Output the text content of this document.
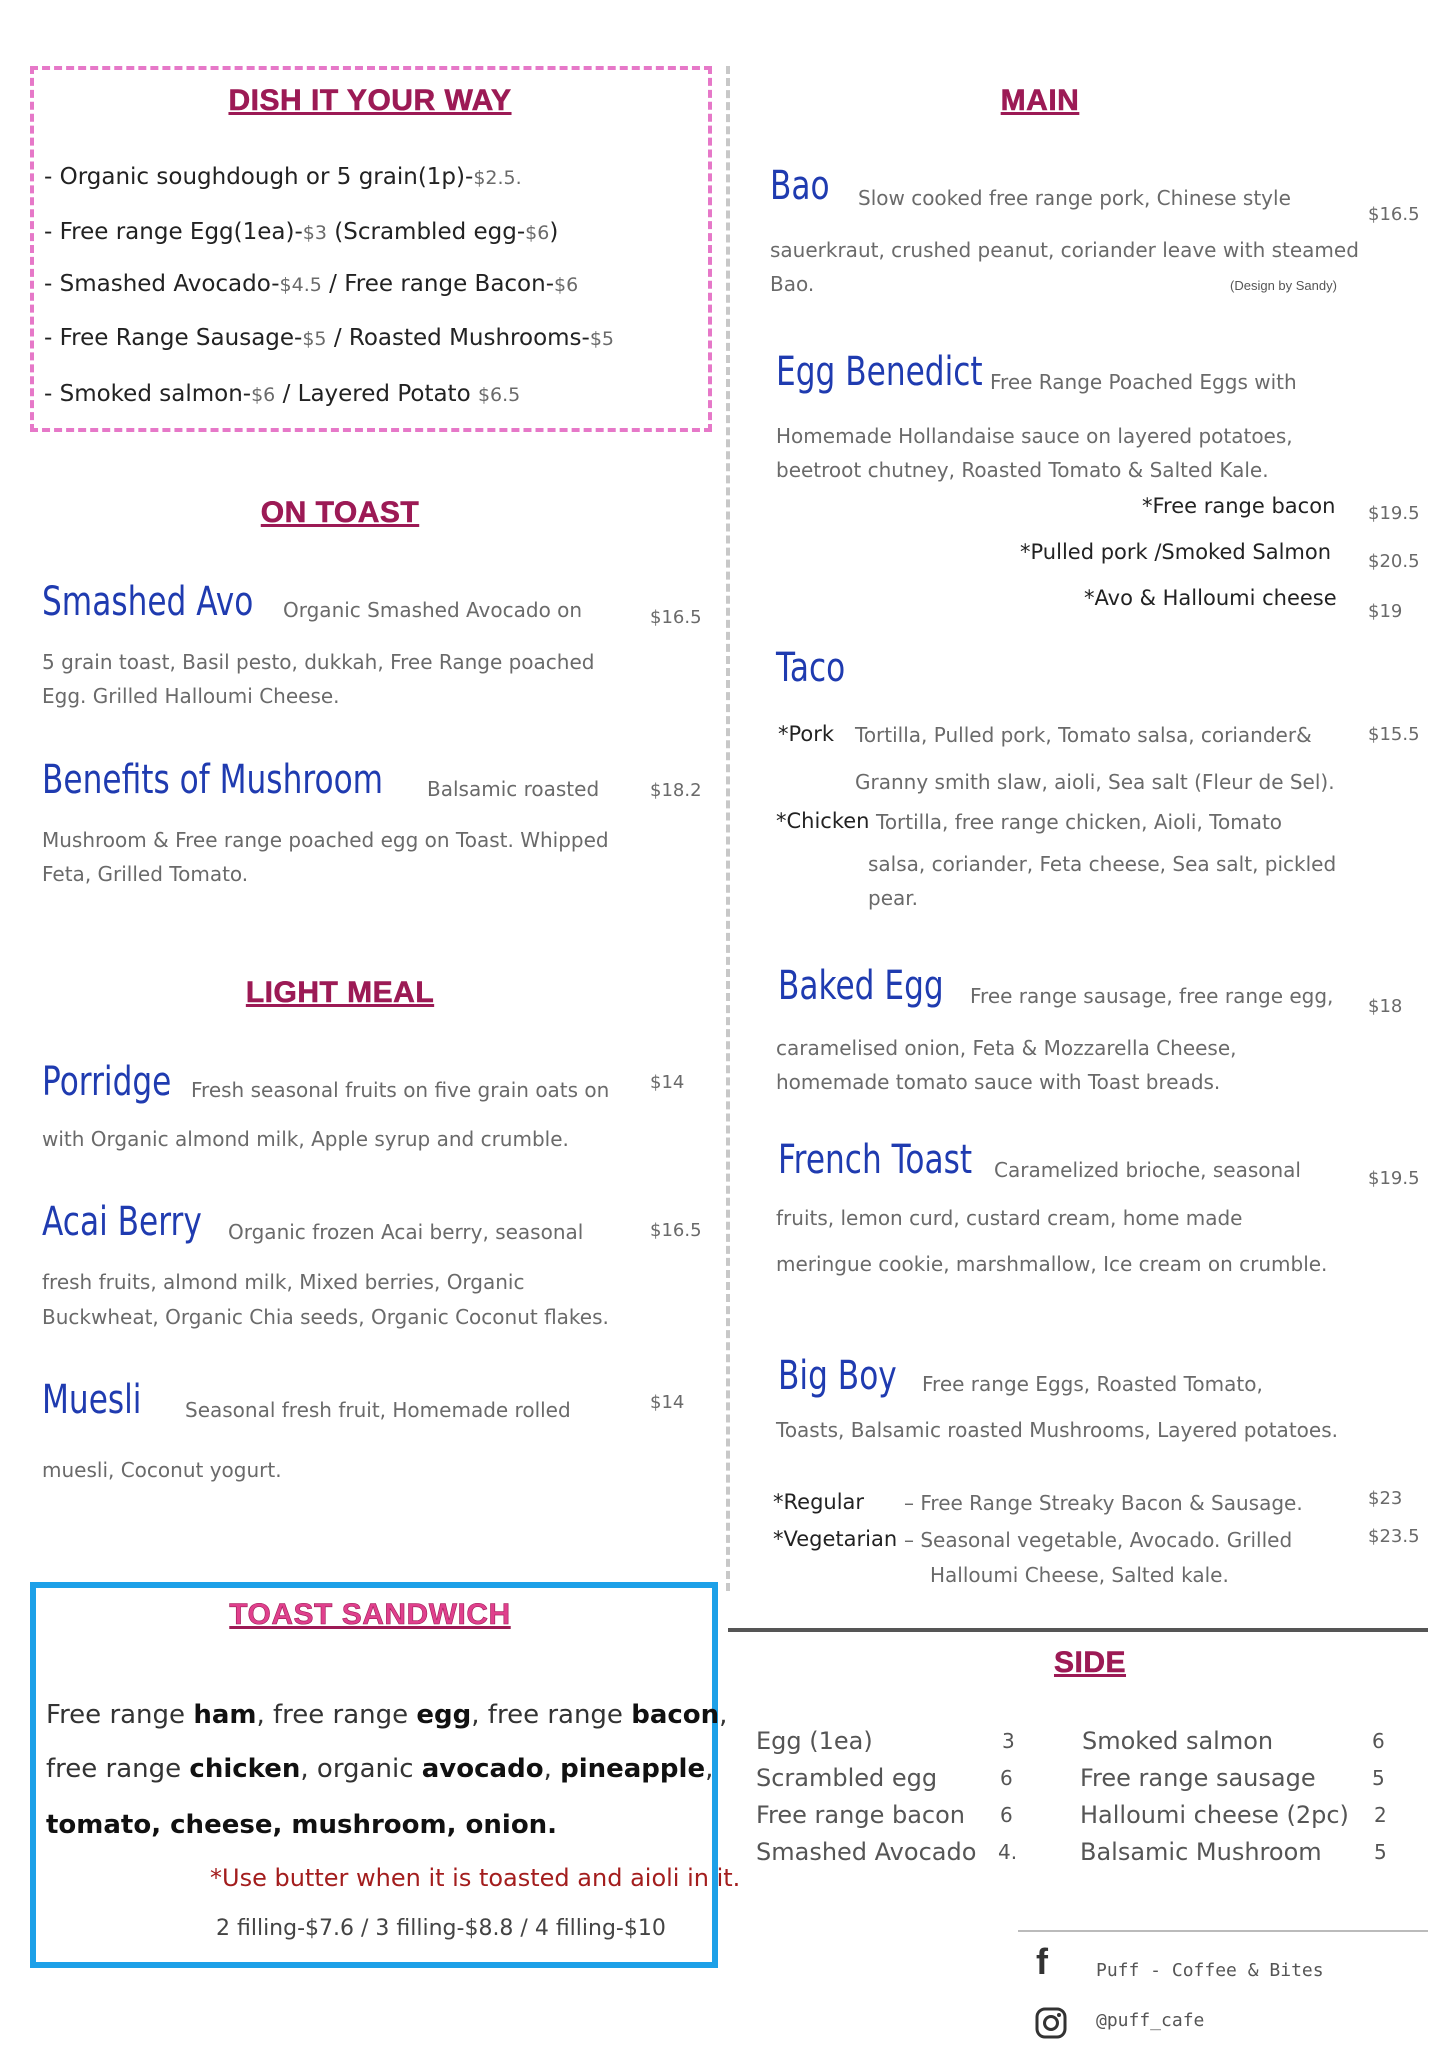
DISH IT YOUR WAY
- Organic soughdough or 5 grain(1p)-$2.5.
- Free range Egg(1ea)-$3 (Scrambled egg-$6)
- Smashed Avocado-$4.5 / Free range Bacon-$6
- Free Range Sausage-$5 / Roasted Mushrooms-$5
- Smoked salmon-$6 / Layered Potato $6.5
ON TOAST
Smashed Avo Organic Smashed Avocado on	$16.5
5 grain toast, Basil pesto, dukkah, Free Range poached
Egg. Grilled Halloumi Cheese.
Benefits of Mushroom Balsamic roasted	$18.2
Mushroom & Free range poached egg on Toast. Whipped
Feta, Grilled Tomato.
LIGHT MEAL
Porridge Fresh seasonal fruits on five grain oats on $14
with Organic almond milk, Apple syrup and crumble.
Acai Berry Organic frozen Acai berry, seasonal	$16.5
fresh fruits, almond milk, Mixed berries, Organic
Buckwheat, Organic Chia seeds, Organic Coconut flakes.
Muesli Seasonal fresh fruit, Homemade rolled	$14
muesli, Coconut yogurt.
TOAST SANDWICH
Free range ham, free range egg, free range bacon,
free range chicken, organic avocado, pineapple,
tomato, cheese, mushroom, onion.
*Use butter when it is toasted and aioli in it.
2 filling-$7.6 / 3 filling-$8.8 / 4 filling-$10
MAIN
Bao Slow cooked free range pork, Chinese style
$16.5
sauerkraut, crushed peanut, coriander leave with steamed
Bao.	(Design by Sandy)
Egg Benedict Free Range Poached Eggs with
Homemade Hollandaise sauce on layered potatoes,
beetroot chutney, Roasted Tomato & Salted Kale.
*Free range bacon $19.5
*Pulled pork /Smoked Salmon $20.5
*Avo & Halloumi cheese
$19
Taco
*Pork Tortilla, Pulled pork, Tomato salsa, coriander&	$15.5
Granny smith slaw, aioli, Sea salt (Fleur de Sel).
*Chicken Tortilla, free range chicken, Aioli, Tomato
salsa, coriander, Feta cheese, Sea salt, pickled
pear.
Baked Egg Free range sausage, free range egg, $18
caramelised onion, Feta & Mozzarella Cheese,
homemade tomato sauce with Toast breads.
French Toast Caramelized brioche, seasonal	$19.5
fruits, lemon curd, custard cream, home made
meringue cookie, marshmallow, Ice cream on crumble.
Big Boy Free range Eggs, Roasted Tomato,
Toasts, Balsamic roasted Mushrooms, Layered potatoes.
*Regular – Free Range Streaky Bacon & Sausage.	$23
*Vegetarian – Seasonal vegetable, Avocado. Grilled	$23.5
Halloumi Cheese, Salted kale.
SIDE
Egg (1ea)	3
Scrambled egg	6
Free range bacon 6
Smashed Avocado 4.
Smoked salmon	6
Free range sausage	5
Halloumi cheese (2pc) 2
Balsamic Mushroom	5
f	Puff - Coffee & Bites
@puff_cafe
